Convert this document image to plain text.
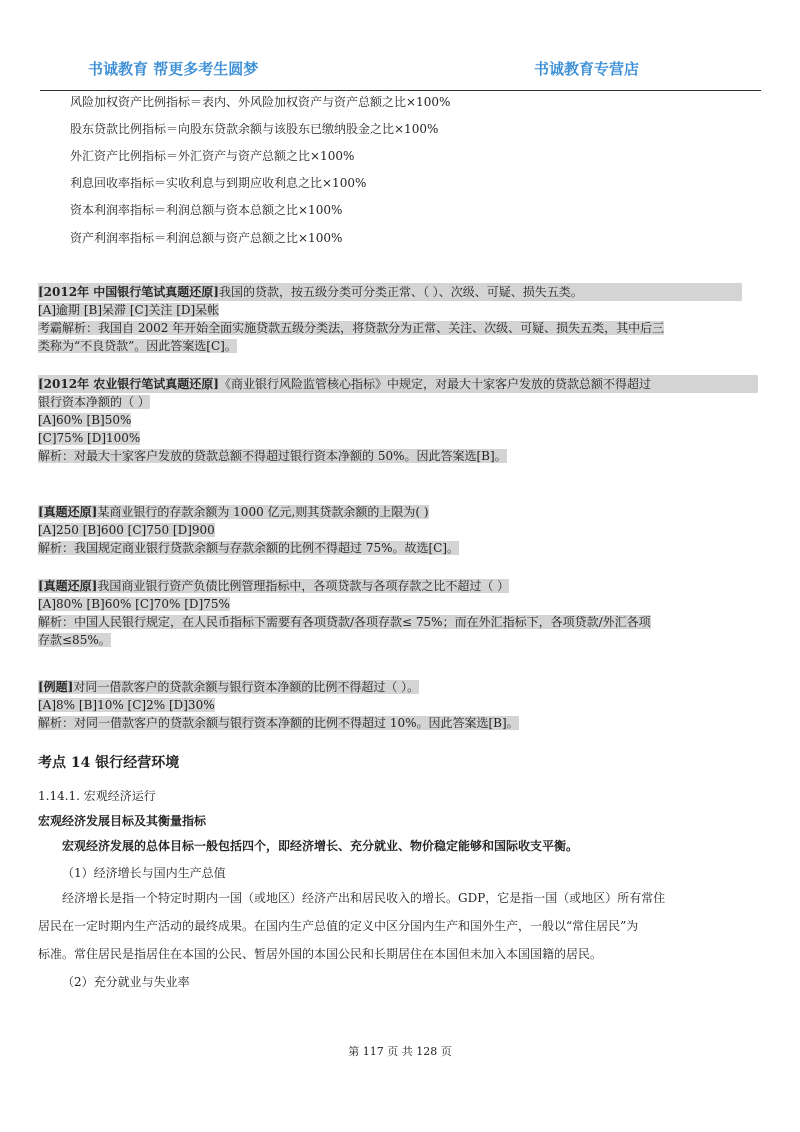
书诚教育 帮更多考生圆梦	书诚教育专营店
风险加权资产比例指标＝表内、外风险加权资产与资产总额之比×100%
股东贷款比例指标＝向股东贷款余额与该股东已缴纳股金之比×100%
外汇资产比例指标＝外汇资产与资产总额之比×100%
利息回收率指标＝实收利息与到期应收利息之比×100%
资本利润率指标＝利润总额与资本总额之比×100%
资产利润率指标＝利润总额与资产总额之比×100%
[2012年 中国银行笔试真题还原]我国的贷款，按五级分类可分类正常、（ ）、次级、可疑、损失五类。
[A]逾期 [B]呆滞 [C]关注 [D]呆帐
考霸解析：我国自 2002 年开始全面实施贷款五级分类法，将贷款分为正常、关注、次级、可疑、损失五类，其中后三
类称为“不良贷款”。因此答案选[C]。
[2012年 农业银行笔试真题还原]《商业银行风险监管核心指标》中规定，对最大十家客户发放的贷款总额不得超过
银行资本净额的（ ）
[A]60% [B]50%
[C]75% [D]100%
解析：对最大十家客户发放的贷款总额不得超过银行资本净额的 50%。因此答案选[B]。
[真题还原]某商业银行的存款余额为 1000 亿元,则其贷款余额的上限为( )
[A]250 [B]600 [C]750 [D]900
解析：我国规定商业银行贷款余额与存款余额的比例不得超过 75%。故选[C]。
[真题还原]我国商业银行资产负债比例管理指标中，各项贷款与各项存款之比不超过（ ）
[A]80% [B]60% [C]70% [D]75%
解析：中国人民银行规定，在人民币指标下需要有各项贷款/各项存款≤ 75%；而在外汇指标下，各项贷款/外汇各项
存款≤85%。
[例题]对同一借款客户的贷款余额与银行资本净额的比例不得超过（ ）。
[A]8% [B]10% [C]2% [D]30%
解析：对同一借款客户的贷款余额与银行资本净额的比例不得超过 10%。因此答案选[B]。
考点 14 银行经营环境
1.14.1. 宏观经济运行
宏观经济发展目标及其衡量指标
宏观经济发展的总体目标一般包括四个，即经济增长、充分就业、物价稳定能够和国际收支平衡。
（1）经济增长与国内生产总值
经济增长是指一个特定时期内一国（或地区）经济产出和居民收入的增长。GDP，它是指一国（或地区）所有常住
居民在一定时期内生产活动的最终成果。在国内生产总值的定义中区分国内生产和国外生产，一般以“常住居民”为
标准。常住居民是指居住在本国的公民、暂居外国的本国公民和长期居住在本国但未加入本国国籍的居民。
（2）充分就业与失业率
第 117 页 共 128 页
